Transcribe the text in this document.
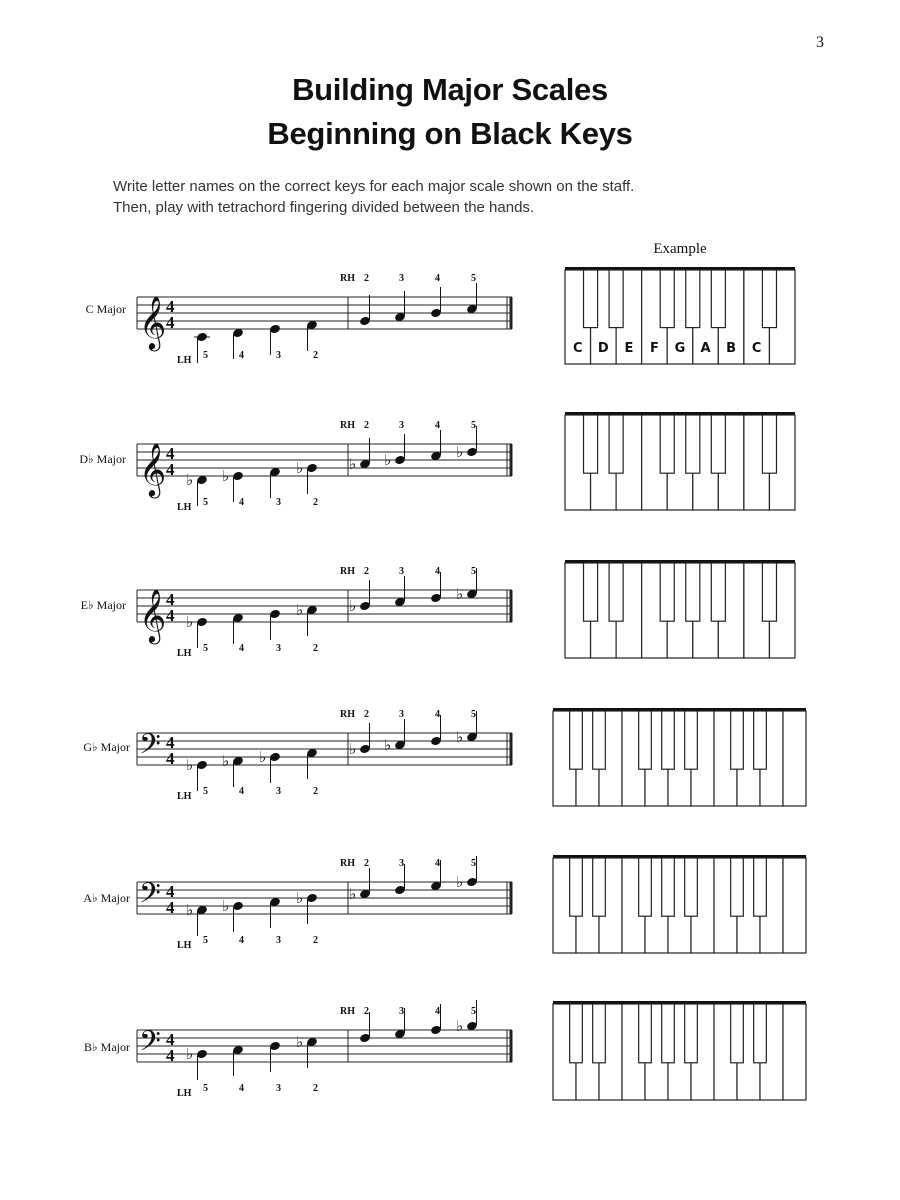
3
Building Major Scales
Beginning on Black Keys
Write letter names on the correct keys for each major scale shown on the staff.
Then, play with tetrachord fingering divided between the hands.
Example
C Major
D♭ Major
E♭ Major
G♭ Major
A♭ Major
B♭ Major
𝄞 4
4
LH 5	4	3	2
RH 2	3	4	5
C D E F G A B C
𝄞 4
4
♭ ♭	♭	♭ ♭	♭
LH 5	4	3	2
RH 2	3	4	5
𝄞 4
4 ♭
♭	♭
♭
LH 5	4	3	2
RH 2	3	4	5
𝄢 4
4 ♭ ♭ ♭	♭ ♭	♭
LH 5	4	3	2
RH 2	3	4	5
𝄢 4
4 ♭ ♭	♭	♭
♭
LH 5	4	3	2
RH 2	3	4	5
𝄢 4
4 ♭
♭
♭
LH 5	4	3	2
RH 2	3	4	5
